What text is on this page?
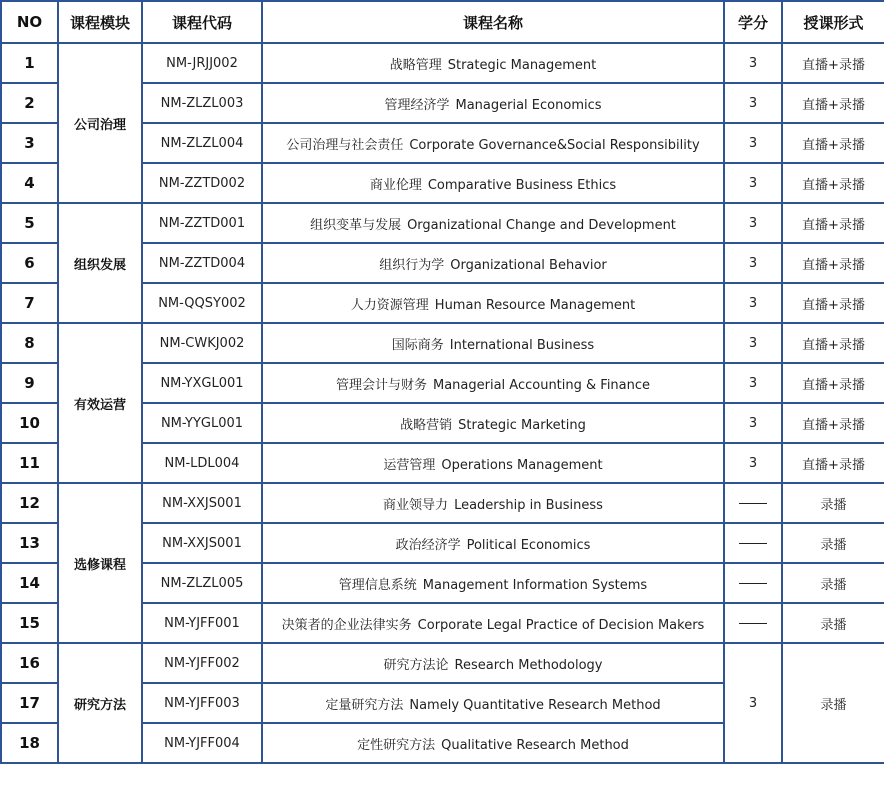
NO	课程模块	课程代码	课程名称	学分	授课形式
1	公司治理	NM-JRJJ002	战略管理 Strategic Management	3	直播+录播
2		NM-ZLZL003	管理经济学 Managerial Economics	3	直播+录播
3		NM-ZLZL004	公司治理与社会责任 Corporate Governance&Social Responsibility	3	直播+录播
4		NM-ZZTD002	商业伦理 Comparative Business Ethics	3	直播+录播
5	组织发展	NM-ZZTD001	组织变革与发展 Organizational Change and Development	3	直播+录播
6		NM-ZZTD004	组织行为学 Organizational Behavior	3	直播+录播
7		NM-QQSY002	人力资源管理 Human Resource Management	3	直播+录播
8	有效运营	NM-CWKJ002	国际商务 International Business	3	直播+录播
9		NM-YXGL001	管理会计与财务 Managerial Accounting & Finance	3	直播+录播
10		NM-YYGL001	战略营销 Strategic Marketing	3	直播+录播
11		NM-LDL004	运营管理 Operations Management	3	直播+录播
12	选修课程	NM-XXJS001	商业领导力 Leadership in Business		录播
13		NM-XXJS001	政治经济学 Political Economics		录播
14		NM-ZLZL005	管理信息系统 Management Information Systems		录播
15		NM-YJFF001	决策者的企业法律实务 Corporate Legal Practice of Decision Makers		录播
16	研究方法	NM-YJFF002	研究方法论 Research Methodology	3	录播
17		NM-YJFF003	定量研究方法 Namely Quantitative Research Method		
18		NM-YJFF004	定性研究方法 Qualitative Research Method		
